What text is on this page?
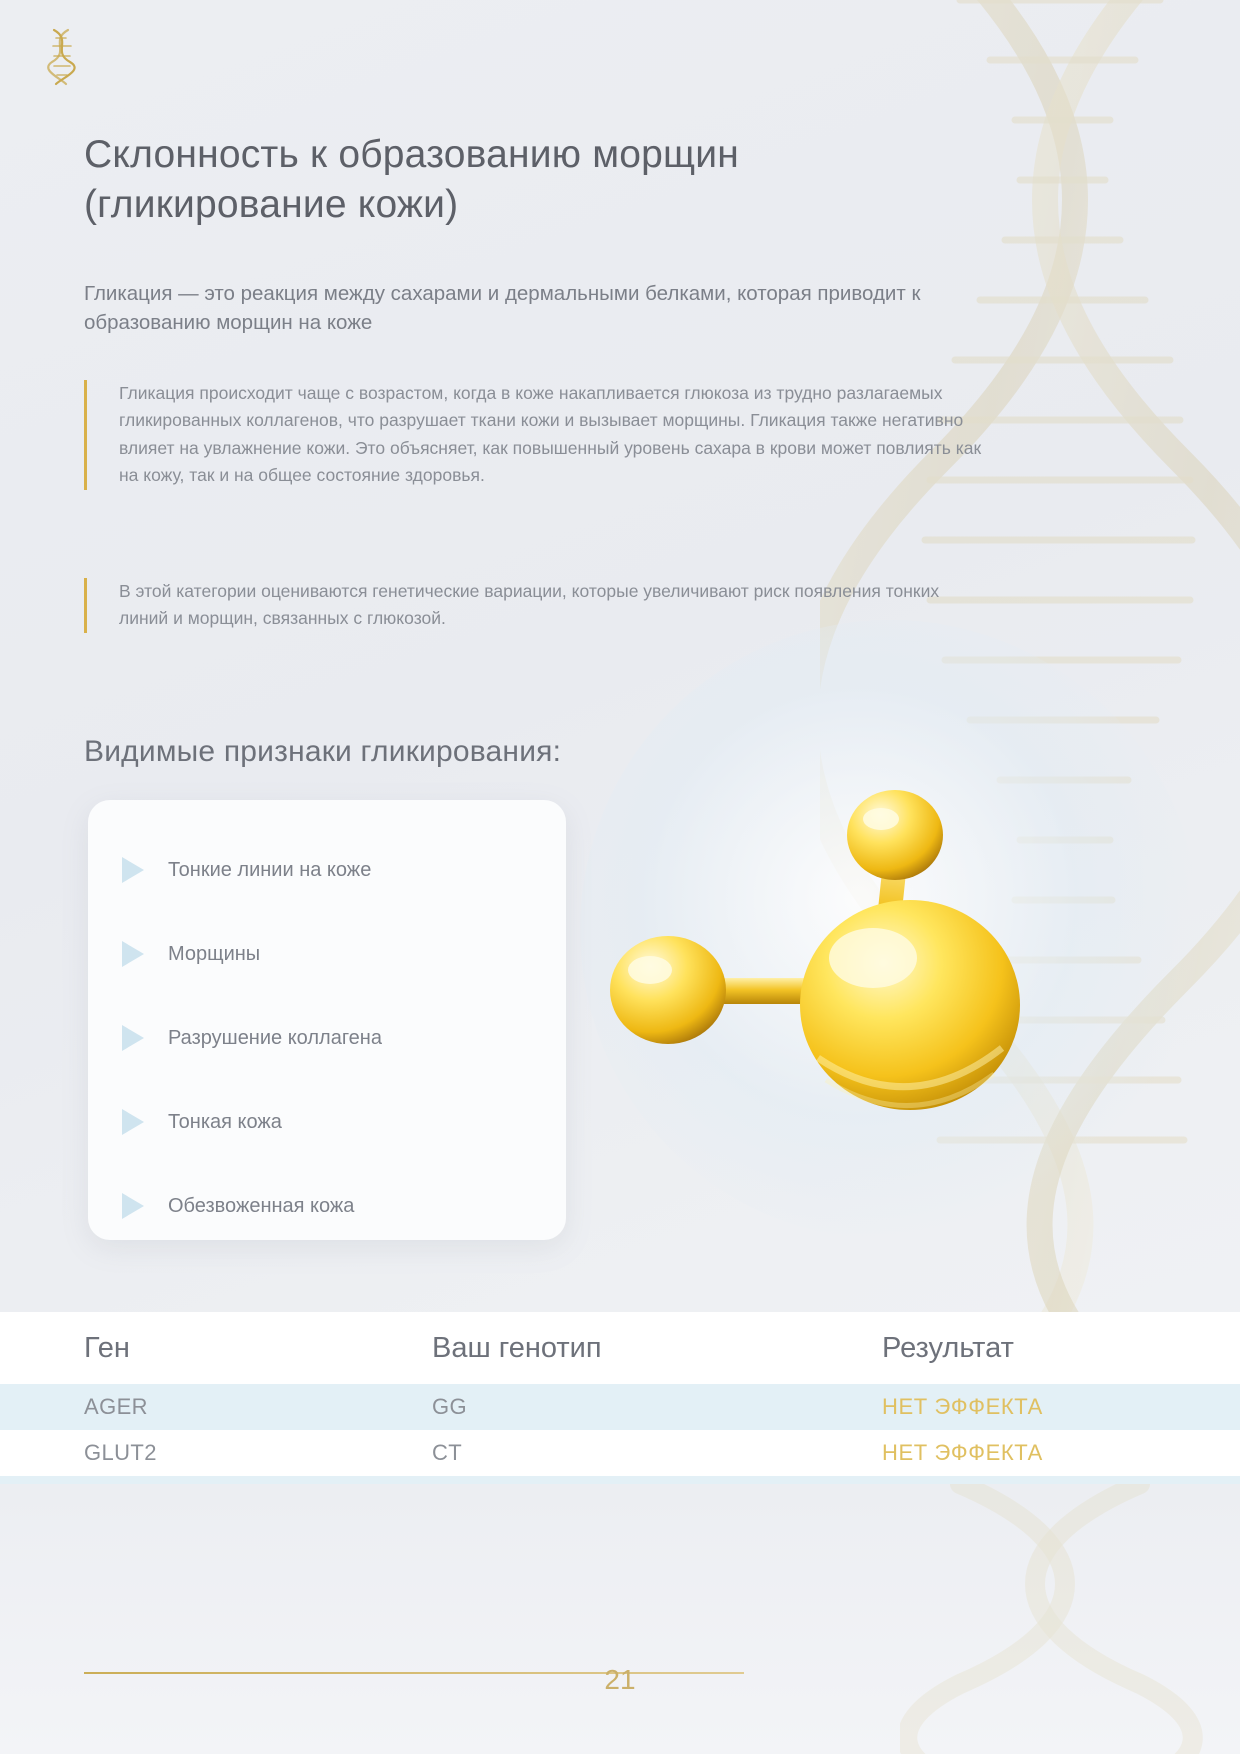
Склонность к образованию морщин
(гликирование кожи)

Гликация — это реакция между сахарами и дермальными белками, которая приводит к образованию морщин на коже

Гликация происходит чаще с возрастом, когда в коже накапливается глюкоза из трудно разлагаемых гликированных коллагенов, что разрушает ткани кожи и вызывает морщины. Гликация также негативно влияет на увлажнение кожи. Это объясняет, как повышенный уровень сахара в крови может повлиять как на кожу, так и на общее состояние здоровья.

В этой категории оцениваются генетические вариации, которые увеличивают риск появления тонких линий и морщин, связанных с глюкозой.

Видимые признаки гликирования:
Тонкие линии на коже
Морщины
Разрушение коллагена
Тонкая кожа
Обезвоженная кожа
Ген	Ваш генотип	Результат
AGER	GG	НЕТ ЭФФЕКТА
GLUT2	CT	НЕТ ЭФФЕКТА
21
